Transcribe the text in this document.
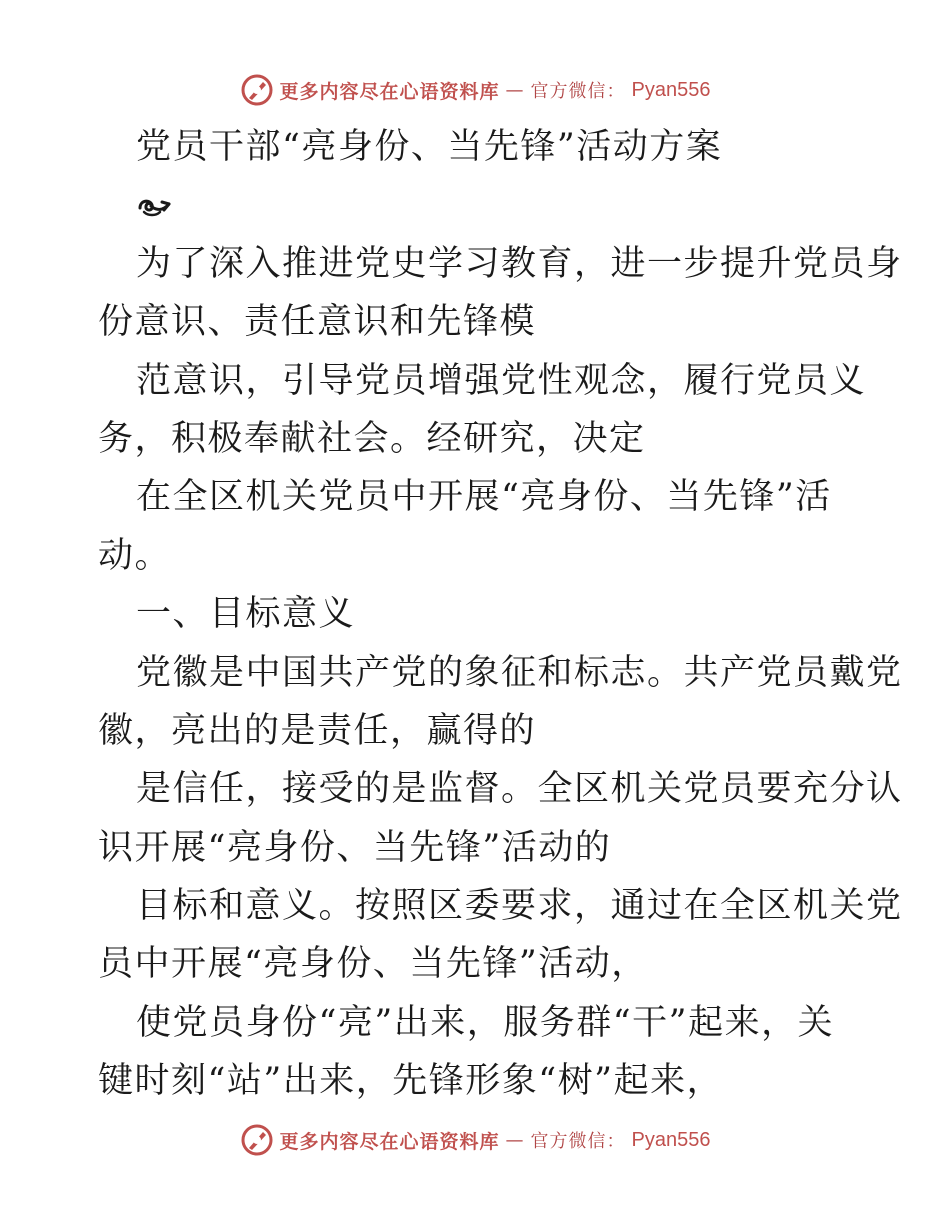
更多内容尽在心语资料库 — 官方微信： Pyan556
党员干部“亮身份、当先锋”活动方案
为了深入推进党史学习教育，进一步提升党员身
份意识、责任意识和先锋模
范意识，引导党员增强党性观念，履行党员义
务，积极奉献社会。经研究，决定
在全区机关党员中开展“亮身份、当先锋”活
动。
一、目标意义
党徽是中国共产党的象征和标志。共产党员戴党
徽，亮出的是责任，赢得的
是信任，接受的是监督。全区机关党员要充分认
识开展“亮身份、当先锋”活动的
目标和意义。按照区委要求，通过在全区机关党
员中开展“亮身份、当先锋”活动，
使党员身份“亮”出来，服务群“干”起来，关
键时刻“站”出来，先锋形象“树”起来，
更多内容尽在心语资料库 — 官方微信： Pyan556
